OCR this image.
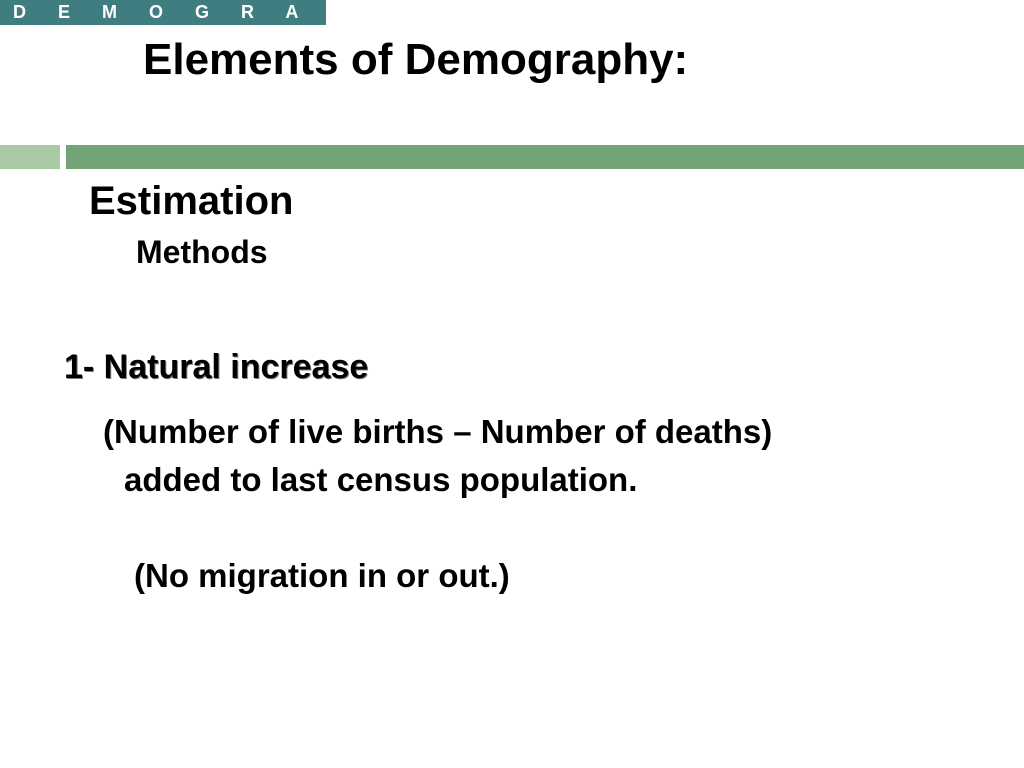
D E M O G R A P H Y
Elements of Demography:
Estimation
Methods
1- Natural increase
(Number of live births – Number of deaths)
added to last census population.
(No migration in or out.)
